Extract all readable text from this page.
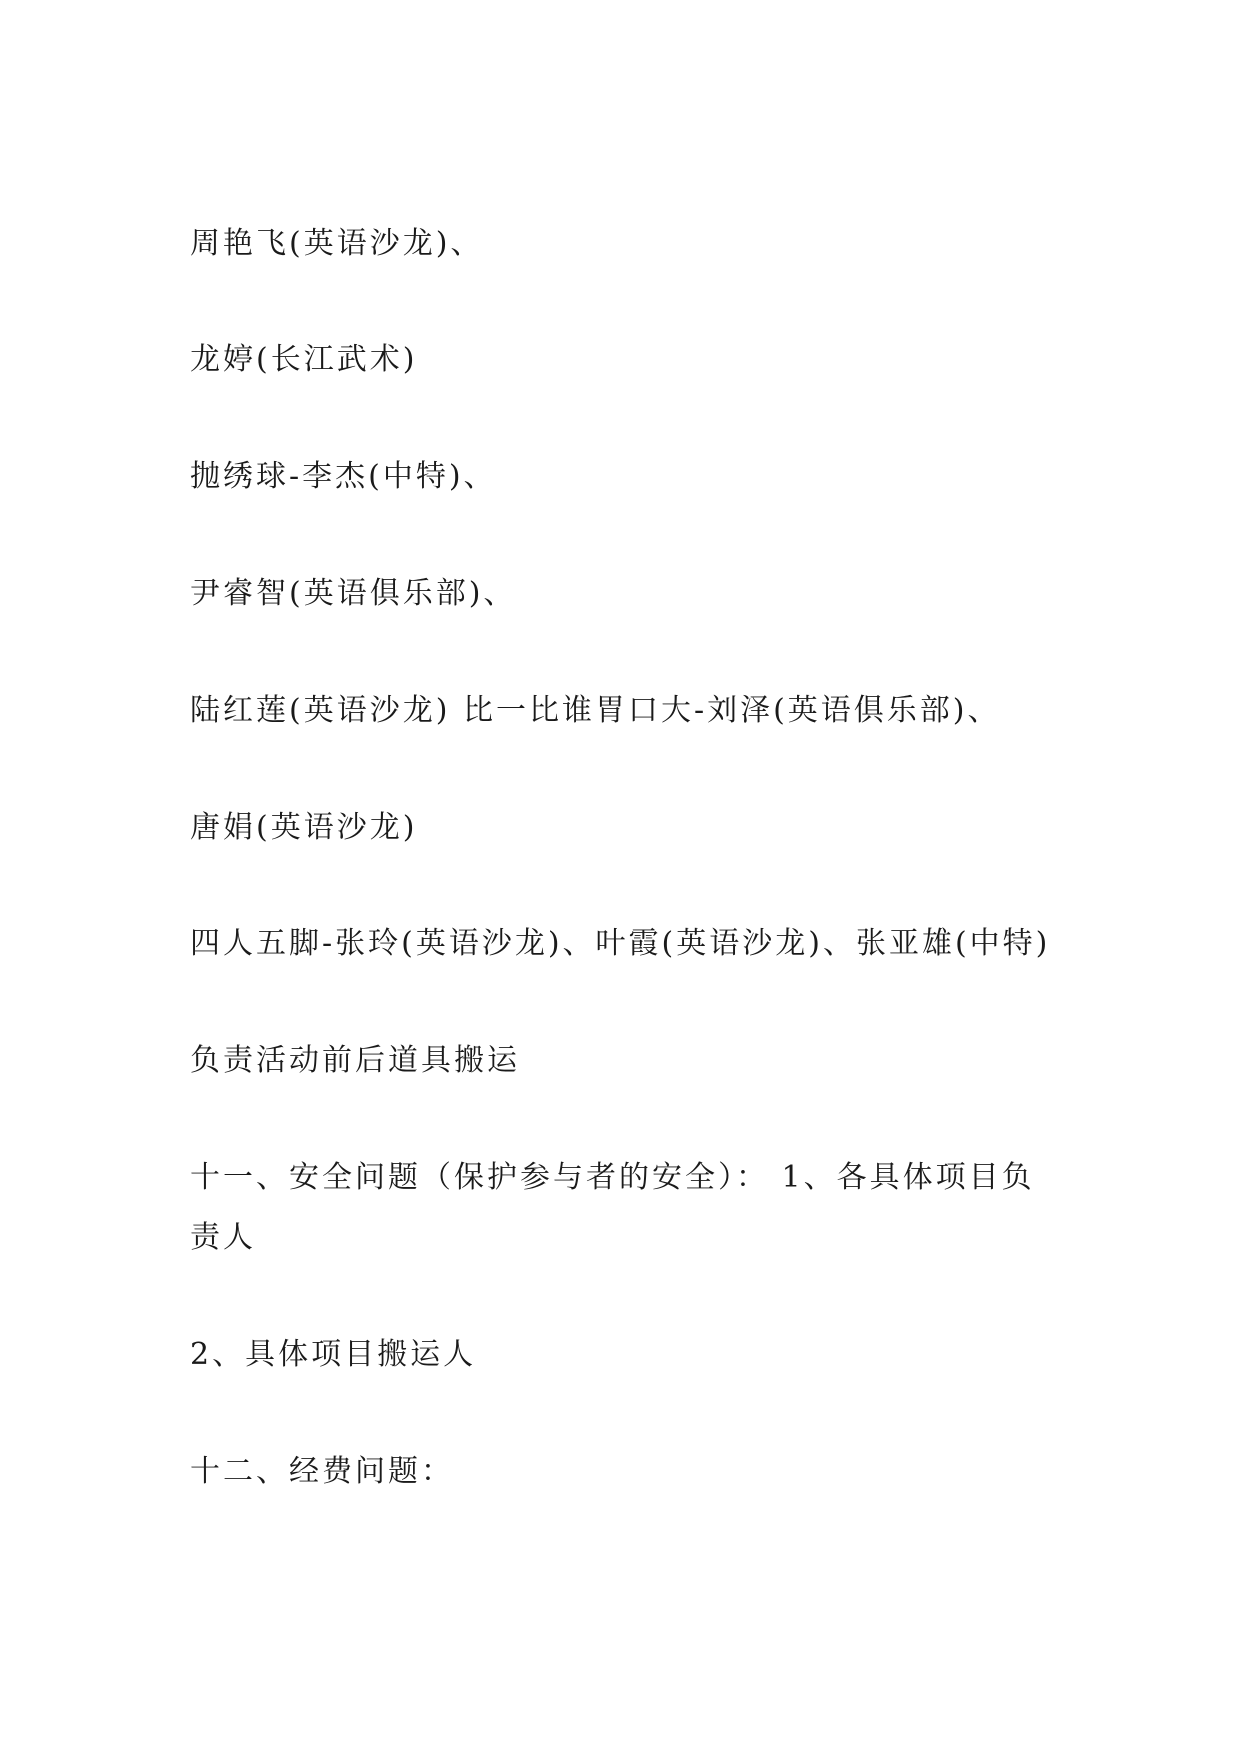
周艳飞(英语沙龙)、
龙婷(长江武术)
抛绣球-李杰(中特)、
尹睿智(英语俱乐部)、
陆红莲(英语沙龙) 比一比谁胃口大-刘泽(英语俱乐部)、
唐娟(英语沙龙)
四人五脚-张玲(英语沙龙)、叶霞(英语沙龙)、张亚雄(中特)
负责活动前后道具搬运
十一、安全问题（保护参与者的安全）： 1、各具体项目负责人
2、具体项目搬运人
十二、经费问题：
